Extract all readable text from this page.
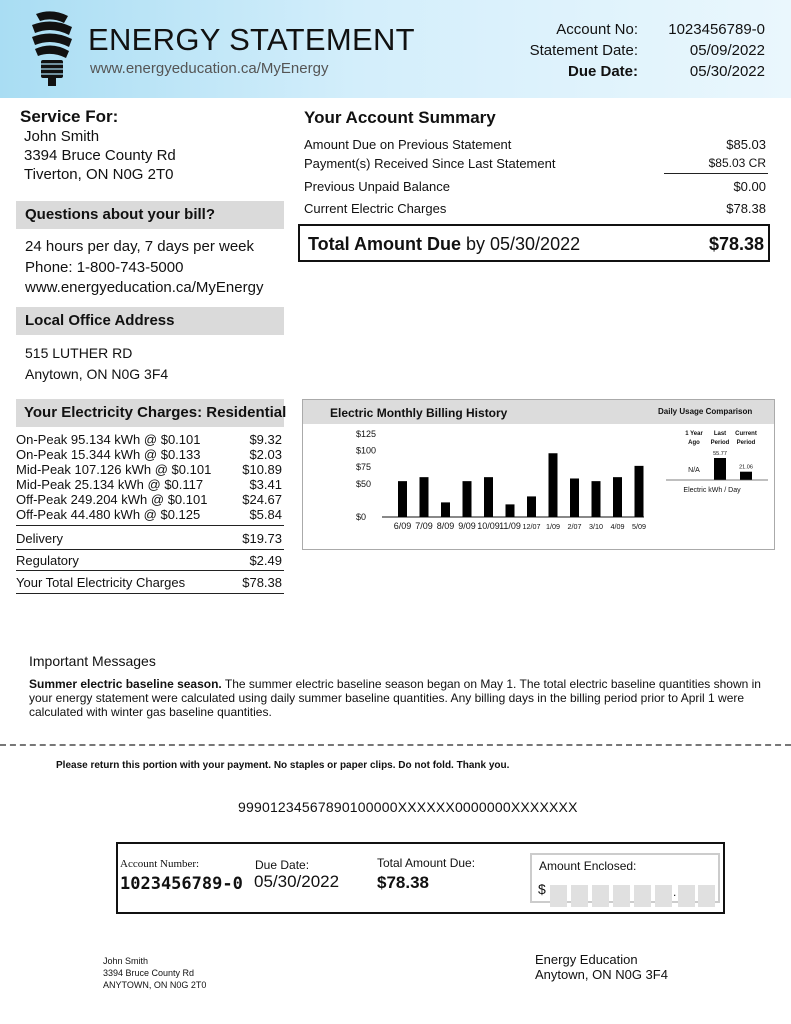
ENERGY STATEMENT
www.energyeducation.ca/MyEnergy
Account No:	1023456789-0
Statement Date:	05/09/2022
Due Date:	05/30/2022
Service For:
John Smith
3394 Bruce County Rd
Tiverton, ON N0G 2T0
Questions about your bill?
24 hours per day, 7 days per week
Phone: 1-800-743-5000
www.energyeducation.ca/MyEnergy
Local Office Address
515 LUTHER RD
Anytown, ON N0G 3F4
Your Electricity Charges: Residential
On-Peak 95.134 kWh @ $0.101	$9.32
On-Peak 15.344 kWh @ $0.133	$2.03
Mid-Peak 107.126 kWh @ $0.101 $10.89
Mid-Peak 25.134 kWh @ $0.117	$3.41
Off-Peak 249.204 kWh @ $0.101	$24.67
Off-Peak 44.480 kWh @ $0.125	$5.84
Delivery	$19.73
Regulatory	$2.49
Your Total Electricity Charges	$78.38
Your Account Summary
Amount Due on Previous Statement	$85.03
Payment(s) Received Since Last Statement	$85.03 CR
Previous Unpaid Balance	$0.00
Current Electric Charges	$78.38
Total Amount Due by 05/30/2022	$78.38
Electric Monthly Billing History	Daily Usage Comparison
$0
$50
$75
$100
$125
6/09 7/09 8/09 9/09 10/09 11/09 12/07 1/09 2/07 3/10 4/09 5/09
1 Year
Ago
Last
Period
Current
Period
N/A
55.77
21.06
Electric kWh / Day
Important Messages
Summer electric baseline season. The summer electric baseline season began on May 1. The total electric baseline quantities shown in your energy statement were calculated using daily summer baseline quantities. Any billing days in the billing period prior to April 1 were calculated with winter gas baseline quantities.
Please return this portion with your payment. No staples or paper clips. Do not fold. Thank you.
99901234567890100000XXXXXX0000000XXXXXXX
Account Number:
1023456789-0
Due Date:
05/30/2022
Total Amount Due:
$78.38
Amount Enclosed:
$	.
John Smith
3394 Bruce County Rd
ANYTOWN, ON N0G 2T0
Energy Education
Anytown, ON N0G 3F4
